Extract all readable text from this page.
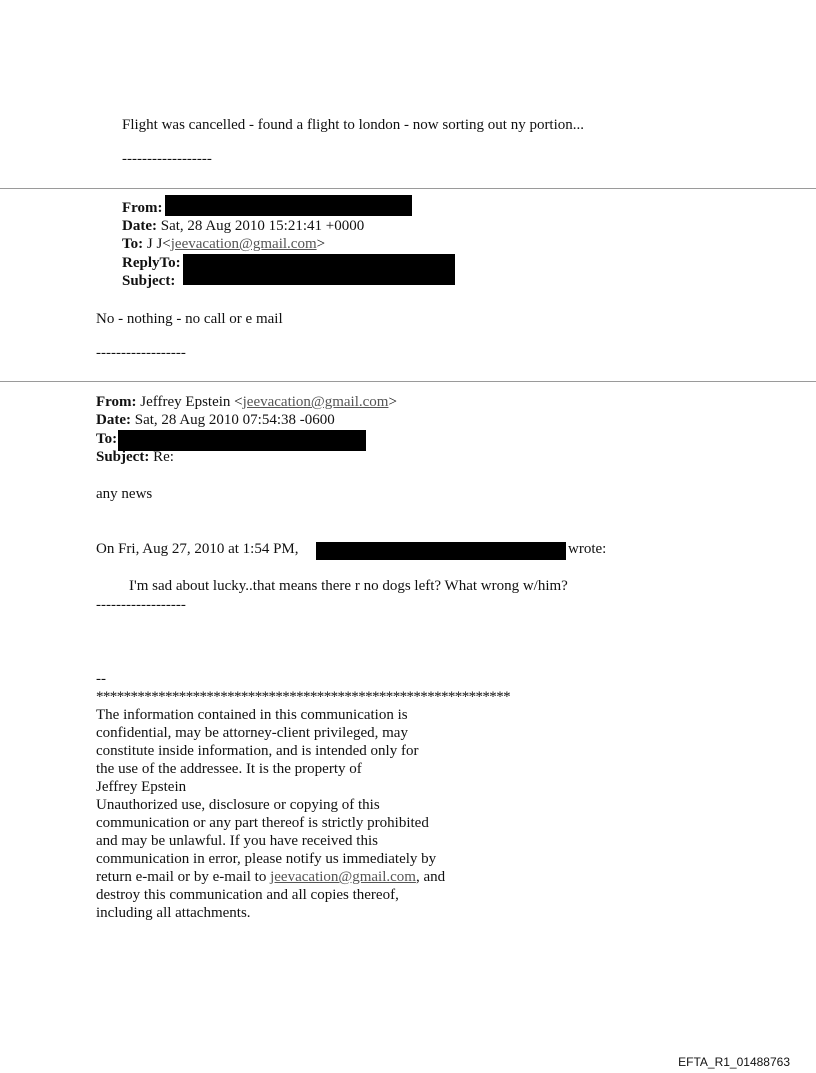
Flight was cancelled - found a flight to london - now sorting out ny portion...
------------------
From:
Date: Sat, 28 Aug 2010 15:21:41 +0000
To: J J<jeevacation@gmail.com>
ReplyTo:
Subject:
No - nothing - no call or e mail
------------------
From: Jeffrey Epstein <jeevacation@gmail.com>
Date: Sat, 28 Aug 2010 07:54:38 -0600
To:
Subject: Re:
any news
On Fri, Aug 27, 2010 at 1:54 PM,	wrote:
I'm sad about lucky..that means there r no dogs left? What wrong w/him?
------------------
--
************************************************************
The information contained in this communication is
confidential, may be attorney-client privileged, may
constitute inside information, and is intended only for
the use of the addressee. It is the property of
Jeffrey Epstein
Unauthorized use, disclosure or copying of this
communication or any part thereof is strictly prohibited
and may be unlawful. If you have received this
communication in error, please notify us immediately by
return e-mail or by e-mail to jeevacation@gmail.com, and
destroy this communication and all copies thereof,
including all attachments.
EFTA_R1_01488763
